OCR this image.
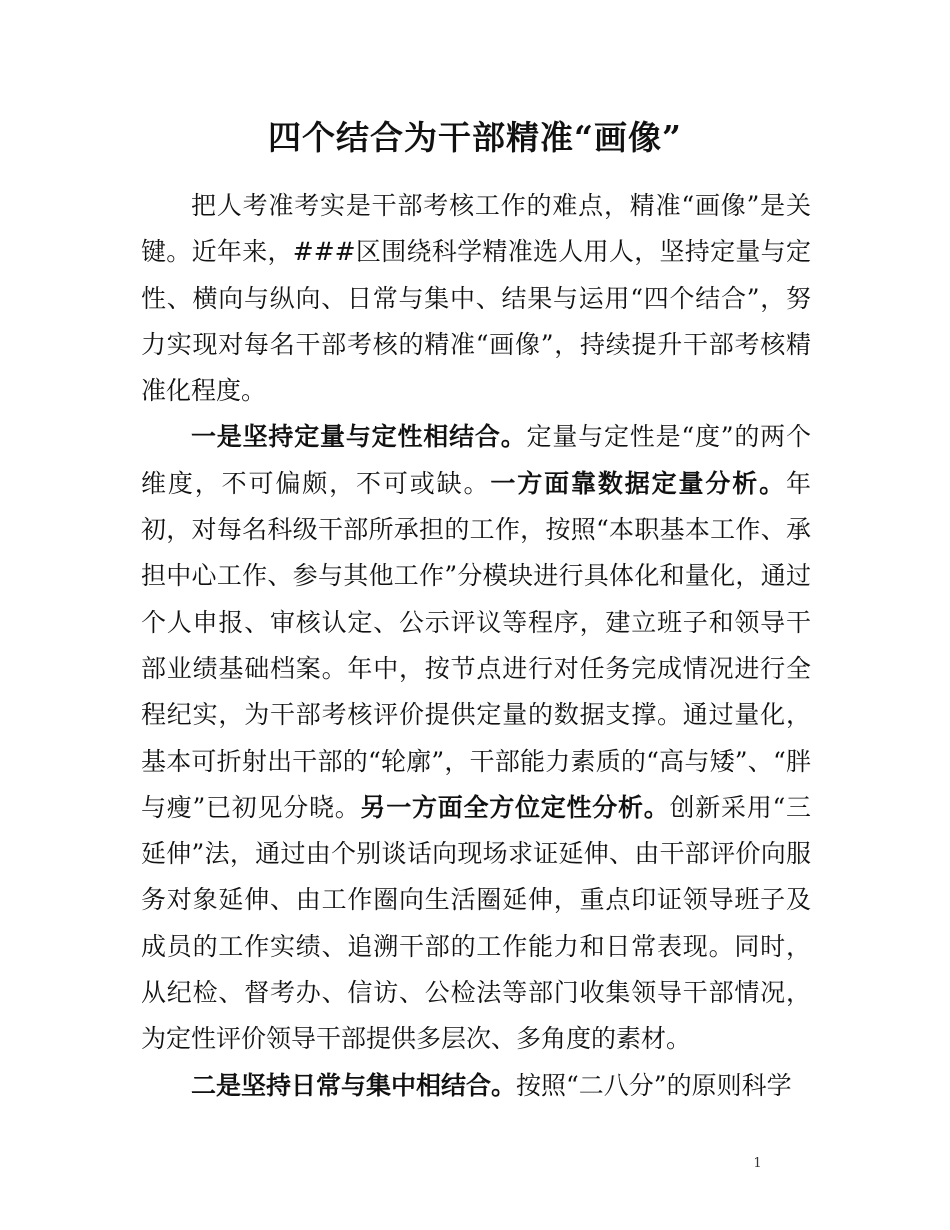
四个结合为干部精准“画像”

把人考准考实是干部考核工作的难点，精准“画像”是关键。近年来，###区围绕科学精准选人用人，坚持定量与定性、横向与纵向、日常与集中、结果与运用“四个结合”，努力实现对每名干部考核的精准“画像”，持续提升干部考核精准化程度。

一是坚持定量与定性相结合。定量与定性是“度”的两个维度，不可偏颇，不可或缺。一方面靠数据定量分析。年初，对每名科级干部所承担的工作，按照“本职基本工作、承担中心工作、参与其他工作”分模块进行具体化和量化，通过个人申报、审核认定、公示评议等程序，建立班子和领导干部业绩基础档案。年中，按节点进行对任务完成情况进行全程纪实，为干部考核评价提供定量的数据支撑。通过量化，基本可折射出干部的“轮廓”，干部能力素质的“高与矮”、“胖与瘦”已初见分晓。另一方面全方位定性分析。创新采用“三延伸”法，通过由个别谈话向现场求证延伸、由干部评价向服务对象延伸、由工作圈向生活圈延伸，重点印证领导班子及成员的工作实绩、追溯干部的工作能力和日常表现。同时，从纪检、督考办、信访、公检法等部门收集领导干部情况，为定性评价领导干部提供多层次、多角度的素材。

二是坚持日常与集中相结合。按照“二八分”的原则科学

1
